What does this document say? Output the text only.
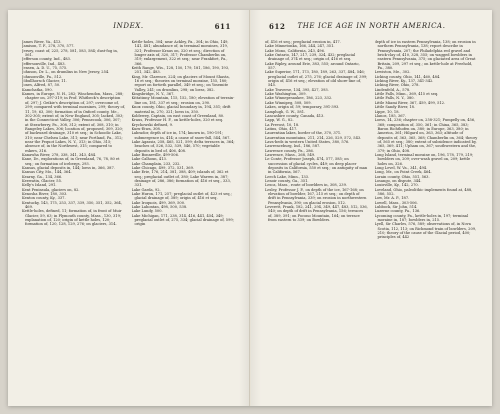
INDEX.	611

James River, Va., 413.

Jamison, T. F., 278, 370, 577.

Jersey, coast of, 225, 278, 581, 583, 584; dust-fog in, 561.

Jefferson county, Ind., 483.

Jeffersonville, Ind., 483.

Jensen, A. D. U., 75, 575.

Johnson, Dr. L., on drumlins in New Jersey, 254.

Johnsonville, Pa., 512.

Jöbullhorsch Glacier, 11.

Jones, Alfred, 87, 50.

Kamchatka, 590.

Kames, in Europe, N. H., 282; Winchendon, Mass., 288; chapter on, 297-319; in Prof. Whitbeck's description of, 297; J. Geikie's description of, 297; overcome of, 299; compared with terminal moraines, 299; theory of, 11, 19, 63, 300; formation of in Oxford county, Me., 302-305; extent of, in New England, 305; lacked, 303; in the Connecticut Valley, 306; Pennecook, 306, 307; at Strawberry, Pa., 308, 312; extent of, 308, 310; in Rangeley Lakes, 306; location of, proposed, 309, 320; of backward drainage, 310 et seq.; in Schoodic Lake, 310; near Chelsea Lake, 311; near Portland, Pa., 312; near the Pequot Lakes, N. Y., 313; in Ohio, 315; absence of, in the Northwest, 315; compared to eskers, 316.

Kanawha River, 278, 338, 341, 343, 484.

Kane, Dr., explorations of, in Greenland, 76, 78, 80 et seq.; on formation of icebergs, 293.

Kansas, glacial deposits in, 144; loess in, 366, 387.

Kansas City, Mo., 144, 364.

Kearny, Ga., 134, 366.

Keewatin, Glacier, 55.

Kelly's Island, 291.

Kent Peninsula, glaciers on, 82.

Kenosha River, 180, 303.

Kenton county, Ky., 337.

Kentucky, 143, 175, 253, 337, 339, 350, 351, 352, 364, 469.

Kettle-holes, defined, 11; formation of, in front of Muir Glacier, 59, 63; in Plymouth county, Mass., 130, 319; explanation of, 120; origin of kettle holes, 120; formation of, 120, 128, 129, 276; on glaciers, 314.

Kettle-holes, 304; near Ackley, Pa., 304; in Ohio, 149, 141, 481; abundance of, in terminal moraines, 319, 321; Professor Kraus on, 320 et seq.; direction of longer axis of, 320, 317; Professor Chamberlin on, 319; enlargement, 322 et seq.; near Frankfort, Pa., 366.

Keith Range, Wis., 128, 150, 179, 181, 186, 190, 193, 251, 342, 483.

King, Mr. Clarence, 224; on glaciers of Mount Shasta, 16 et seq.; theories on terminal moraine, 155, 180; report on fortieth parallel, 349 et seq.; on Yosemite Valley, 241; on drumlins, 298; on loess, 382.

Kingsbridge, N. Y., 367.

Kittatinny Mountain, 115, 152, 180; elevation of terrain-line on, 181, 337 et seq.; erosion on, 290.

Knox county, Ohio, glacial boundary in, 194, 351; drift material in, 270, 321; loess in, 350.

Koldewey, Captain, on east coast of Greenland, 80.

Kraus, Professor H. F., on kettle-holes, 320 et seq.

Krychowski defined, 9.

Kuru-Eiwa, 308.

Labrador, depth of ice in, 174; known in, 190-191; submergence in, 414; a cause of snow-fall, 544, 567.

Lake Agassiz, 258, 465, 521, 599; delta terraces in, 364; beaches of, 526, 532, 539, 546, 570; vegetable deposits in bed of, 406, 408.

Lake Bonneville, 499-506.

Lake Calhoun, 413.

Lake Champlain, 233, 232.

Lake Chicago, 499, 372, 531, 369.

Lake Erie, 176, 214, 381, 388, 409; islands of, 362 et seq.; preglacial outlet of, 380; Lake Warren in, 387; drainage of, 286, 386; formation of, 416 et seq., 333, 331.

Lake Garda, 92.

Lake Huron, 171, 257; preglacial outlet of, 423 et seq.; glacial drainage of, 389; origin of, 416 et seq.

Lake Iroquois, 499, 369, 500.

Lake Lahontan, 498, 500, 538.

Lake Lundy, 500.

Lake Michigan, 171, 238, 314, 416, 441, 454, 349; preglacial outlet of, 275, 334; glacial drainage of, 599; origin

612	THE ICE AGE IN NORTH AMERICA.

of, 416 et seq.; preglacial erosion in, 417.

Lake Minnetonka, 166, 244, 247, 351.

Lake Mono, California, 243, 496.

Lake Ontario, 147, 217, 239, 324, 432; preglacial drainage of, 374 et seq.; origin of, 416 et seq.

Lake Ripley, around Erie, 383, 555; around Ontario, 557.

Lake Superior, 171, 173, 180, 189, 263, 337, 484, 546; preglacial outlet of, 275, 276; glacial drainage of, 399; origin of, 416 et seq.; elevation of old shore-line of, 545.

Lake Traverse, 134, 395, 427, 393.

Lake Washington, 309.

Lake Winnepesaukee, 186, 223, 332.

Lake Winnipeg, 508, 509.

Lakes, origin of, 59; temporary, 391-393.

Lamplugh, G. W., 581.

Lancashire county, Canada, 413.

Lapp, W. G., 82.

La Prevost, 10, 18.

Latins, Ohio, 417.

Laurentian lakes, border of the, 370, 371.

Laurentian mountains, 211, 214, 226, 529, 572, 543.

Lava-beds in western United States, 380, 576.

Lawrenceburg, Ind., 186, 587.

Lawrence county, Pa., 286.

Lawrence, Mass., 268, 549.

Le Conte, Professor Joseph, 474, 577, 585; on succession of glacial cycles, 449; on deep placer deposits in California, 550 et seq.; on antiquity of man in California, 567.

Leech Lake, Minn., 133.

Lenoir county, Ga., 351.

Lesca, Mass., route of bowlders in, 308, 239.

Lesley, Professor J. P., on depth of the ice, 167-168; on elevation of bowlder, 167, 215 et seq.; on depth of drift in Pennsylvania, 339; on erosion in northwestern Pennsylvania, 390; on glacial erosion, 512.

Leverett, Frank, 182, 241, 294, 349, 447, 483, 512, 536, 540; on depth of drift in Pennsylvania, 156; terraces of, 389, 391; on Pocono Mountain, 164; on terrace from eastern to 339; on Bowlders.

depth of ice in eastern Pennsylvania, 138; on erosion in northern Pennsylvania, 138; report describe in Pennsylvania, 207; the Philadelphia red gravel and brick-clay of, 410, 328, 355; on wagged bowlders in eastern Pennsylvania, 375; on glaciated area of Great Britain, 209, 297 et seq.; on kettle-hole at Freehold, Pa., 380.

Lewiston, Me., 302.

Licking county, Ohio, 141, 460, 484.

Licking River, Ky., 137, 341-342.

Licking River, Ohio, 278.

Lindenfeld, A., 578.

Little Falls, Minn., 369, 415 et seq.

Little Falls, N. Y., 380.

Little Miami River, 367, 459, 499, 512.

Little Sandy River, 18.

Lippe, 10, 18.

Llanos, 185, 367.

Loess, 14, 236; chapter on, 258-321; Pumpelly on, 456, 368; composition of, 350, 361; in China, 365, 383; Baron Richthofen on, 380; in Europe, 363, 380; in America, 361; Hilgard on, 363, 363; altitude of deposits of, 363, 365, 368; Chamberlin on, 364; theory of, 565 et seq.; 380; extent of subsidence indicated by, 365, 369, 411; Upham on, 367; southwestern and the, 379; in Ohio, 408.

Long Island, terminal moraine on, 196, 178, 179, 219; bowlders on, 209; over-wash gravel on, 209; kettle holes on, 326.

Long Level, W. Va., 341, 494.

Long, Mr., on Point Creek, 464.

Lorain county, Ohio, 551, 563.

Losango, on dispute, 344.

Louisville, Ky., 142, 270.

Loveland, Ohio, paleolithic implements found at, 488, 586, 552.

Low, Mr. A. P., 187.

Lowell, Mass., 303-506.

Lubbock, Sir John, 514.

Luzerne county, Pa., 136.

Lycoming county, Pa., kettle-holes in, 197; terminal moraine in, 187; bowlders in, 215.

Lyell, Sir Charles, 576, 589; observations of, in Nova Scotia, 112, 113; on Richmond train of bowlders, 209, 210; theory of the cause of the Glacial period, 400; principles of, 442
